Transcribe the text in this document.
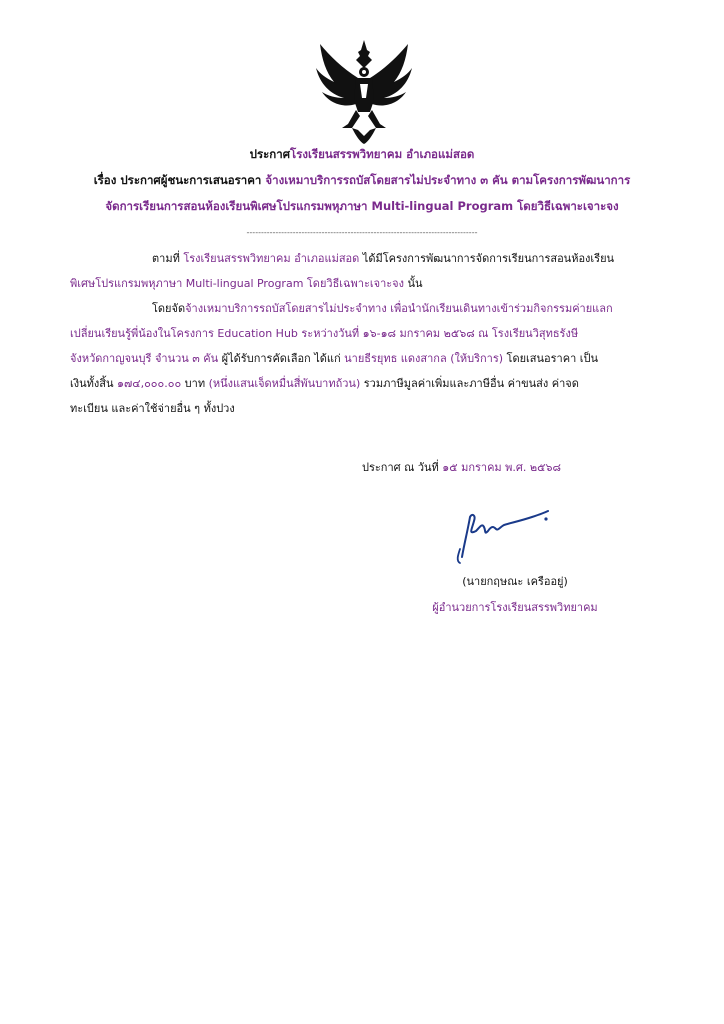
ประกาศโรงเรียนสรรพวิทยาคม อำเภอแม่สอด
เรื่อง ประกาศผู้ชนะการเสนอราคา จ้างเหมาบริการรถบัสโดยสารไม่ประจำทาง ๓ คัน ตามโครงการพัฒนาการ
จัดการเรียนการสอนห้องเรียนพิเศษโปรแกรมพหุภาษา Multi-lingual Program โดยวิธีเฉพาะเจาะจง
--------------------------------------------------------------------------------
ตามที่ โรงเรียนสรรพวิทยาคม อำเภอแม่สอด ได้มีโครงการพัฒนาการจัดการเรียนการสอนห้องเรียน
พิเศษโปรแกรมพหุภาษา Multi-lingual Program โดยวิธีเฉพาะเจาะจง นั้น
โดยจัดจ้างเหมาบริการรถบัสโดยสารไม่ประจำทาง เพื่อนำนักเรียนเดินทางเข้าร่วมกิจกรรมค่ายแลก
เปลี่ยนเรียนรู้พี่น้องในโครงการ Education Hub ระหว่างวันที่ ๑๖-๑๘ มกราคม ๒๕๖๘ ณ โรงเรียนวิสุทธรังษี
จังหวัดกาญจนบุรี จำนวน ๓ คัน ผู้ได้รับการคัดเลือก ได้แก่ นายธีรยุทธ แดงสากล (ให้บริการ) โดยเสนอราคา เป็น
เงินทั้งสิ้น ๑๗๔,๐๐๐.๐๐ บาท (หนึ่งแสนเจ็ดหมื่นสี่พันบาทถ้วน) รวมภาษีมูลค่าเพิ่มและภาษีอื่น ค่าขนส่ง ค่าจด
ทะเบียน และค่าใช้จ่ายอื่น ๆ ทั้งปวง
ประกาศ ณ วันที่ ๑๕ มกราคม พ.ศ. ๒๕๖๘
(นายกฤษณะ เครืออยู่)
ผู้อำนวยการโรงเรียนสรรพวิทยาคม
